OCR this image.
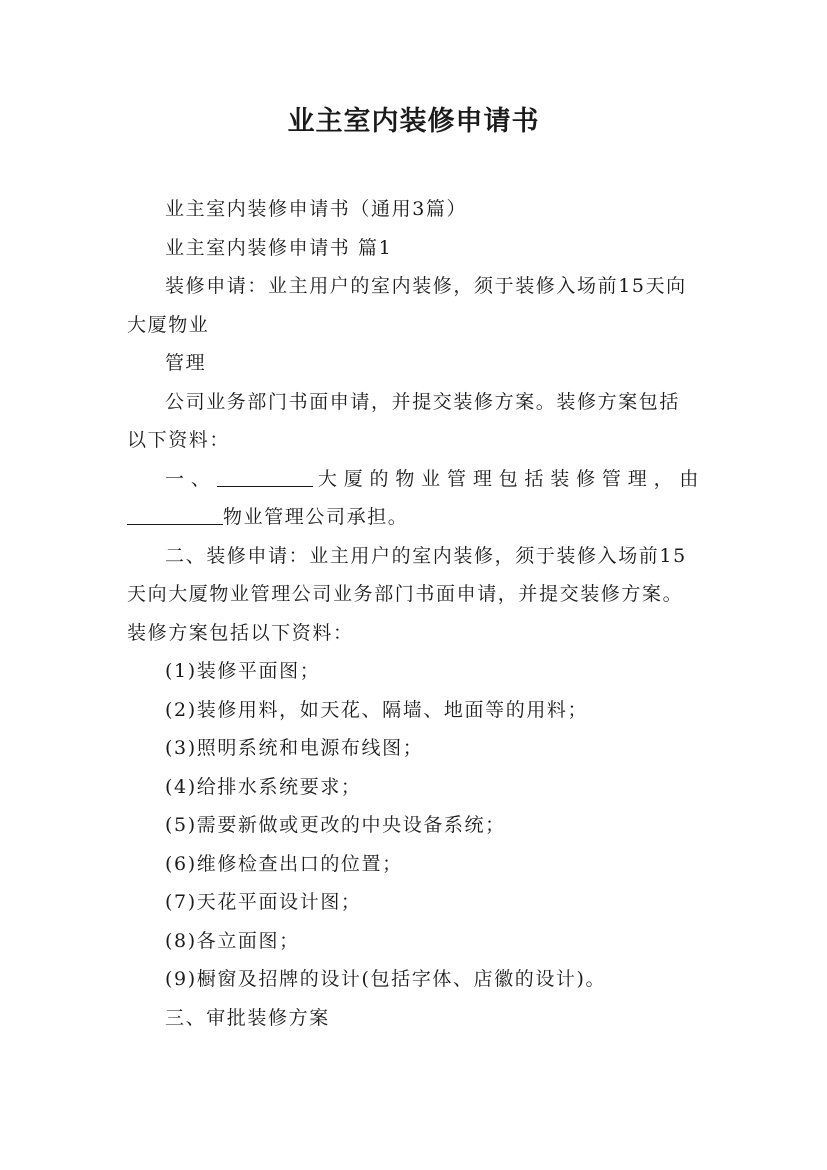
业主室内装修申请书

业主室内装修申请书（通用3篇）

业主室内装修申请书 篇1

装修申请：业主用户的室内装修，须于装修入场前15天向大厦物业

管理

公司业务部门书面申请，并提交装修方案。装修方案包括以下资料：

一、	大厦的物业管理包括装修管理，由

物业管理公司承担。

二、装修申请：业主用户的室内装修，须于装修入场前15天向大厦物业管理公司业务部门书面申请，并提交装修方案。装修方案包括以下资料：

(1)装修平面图；

(2)装修用料，如天花、隔墙、地面等的用料；

(3)照明系统和电源布线图；

(4)给排水系统要求；

(5)需要新做或更改的中央设备系统；

(6)维修检查出口的位置；

(7)天花平面设计图；

(8)各立面图；

(9)橱窗及招牌的设计(包括字体、店徽的设计)。

三、审批装修方案
